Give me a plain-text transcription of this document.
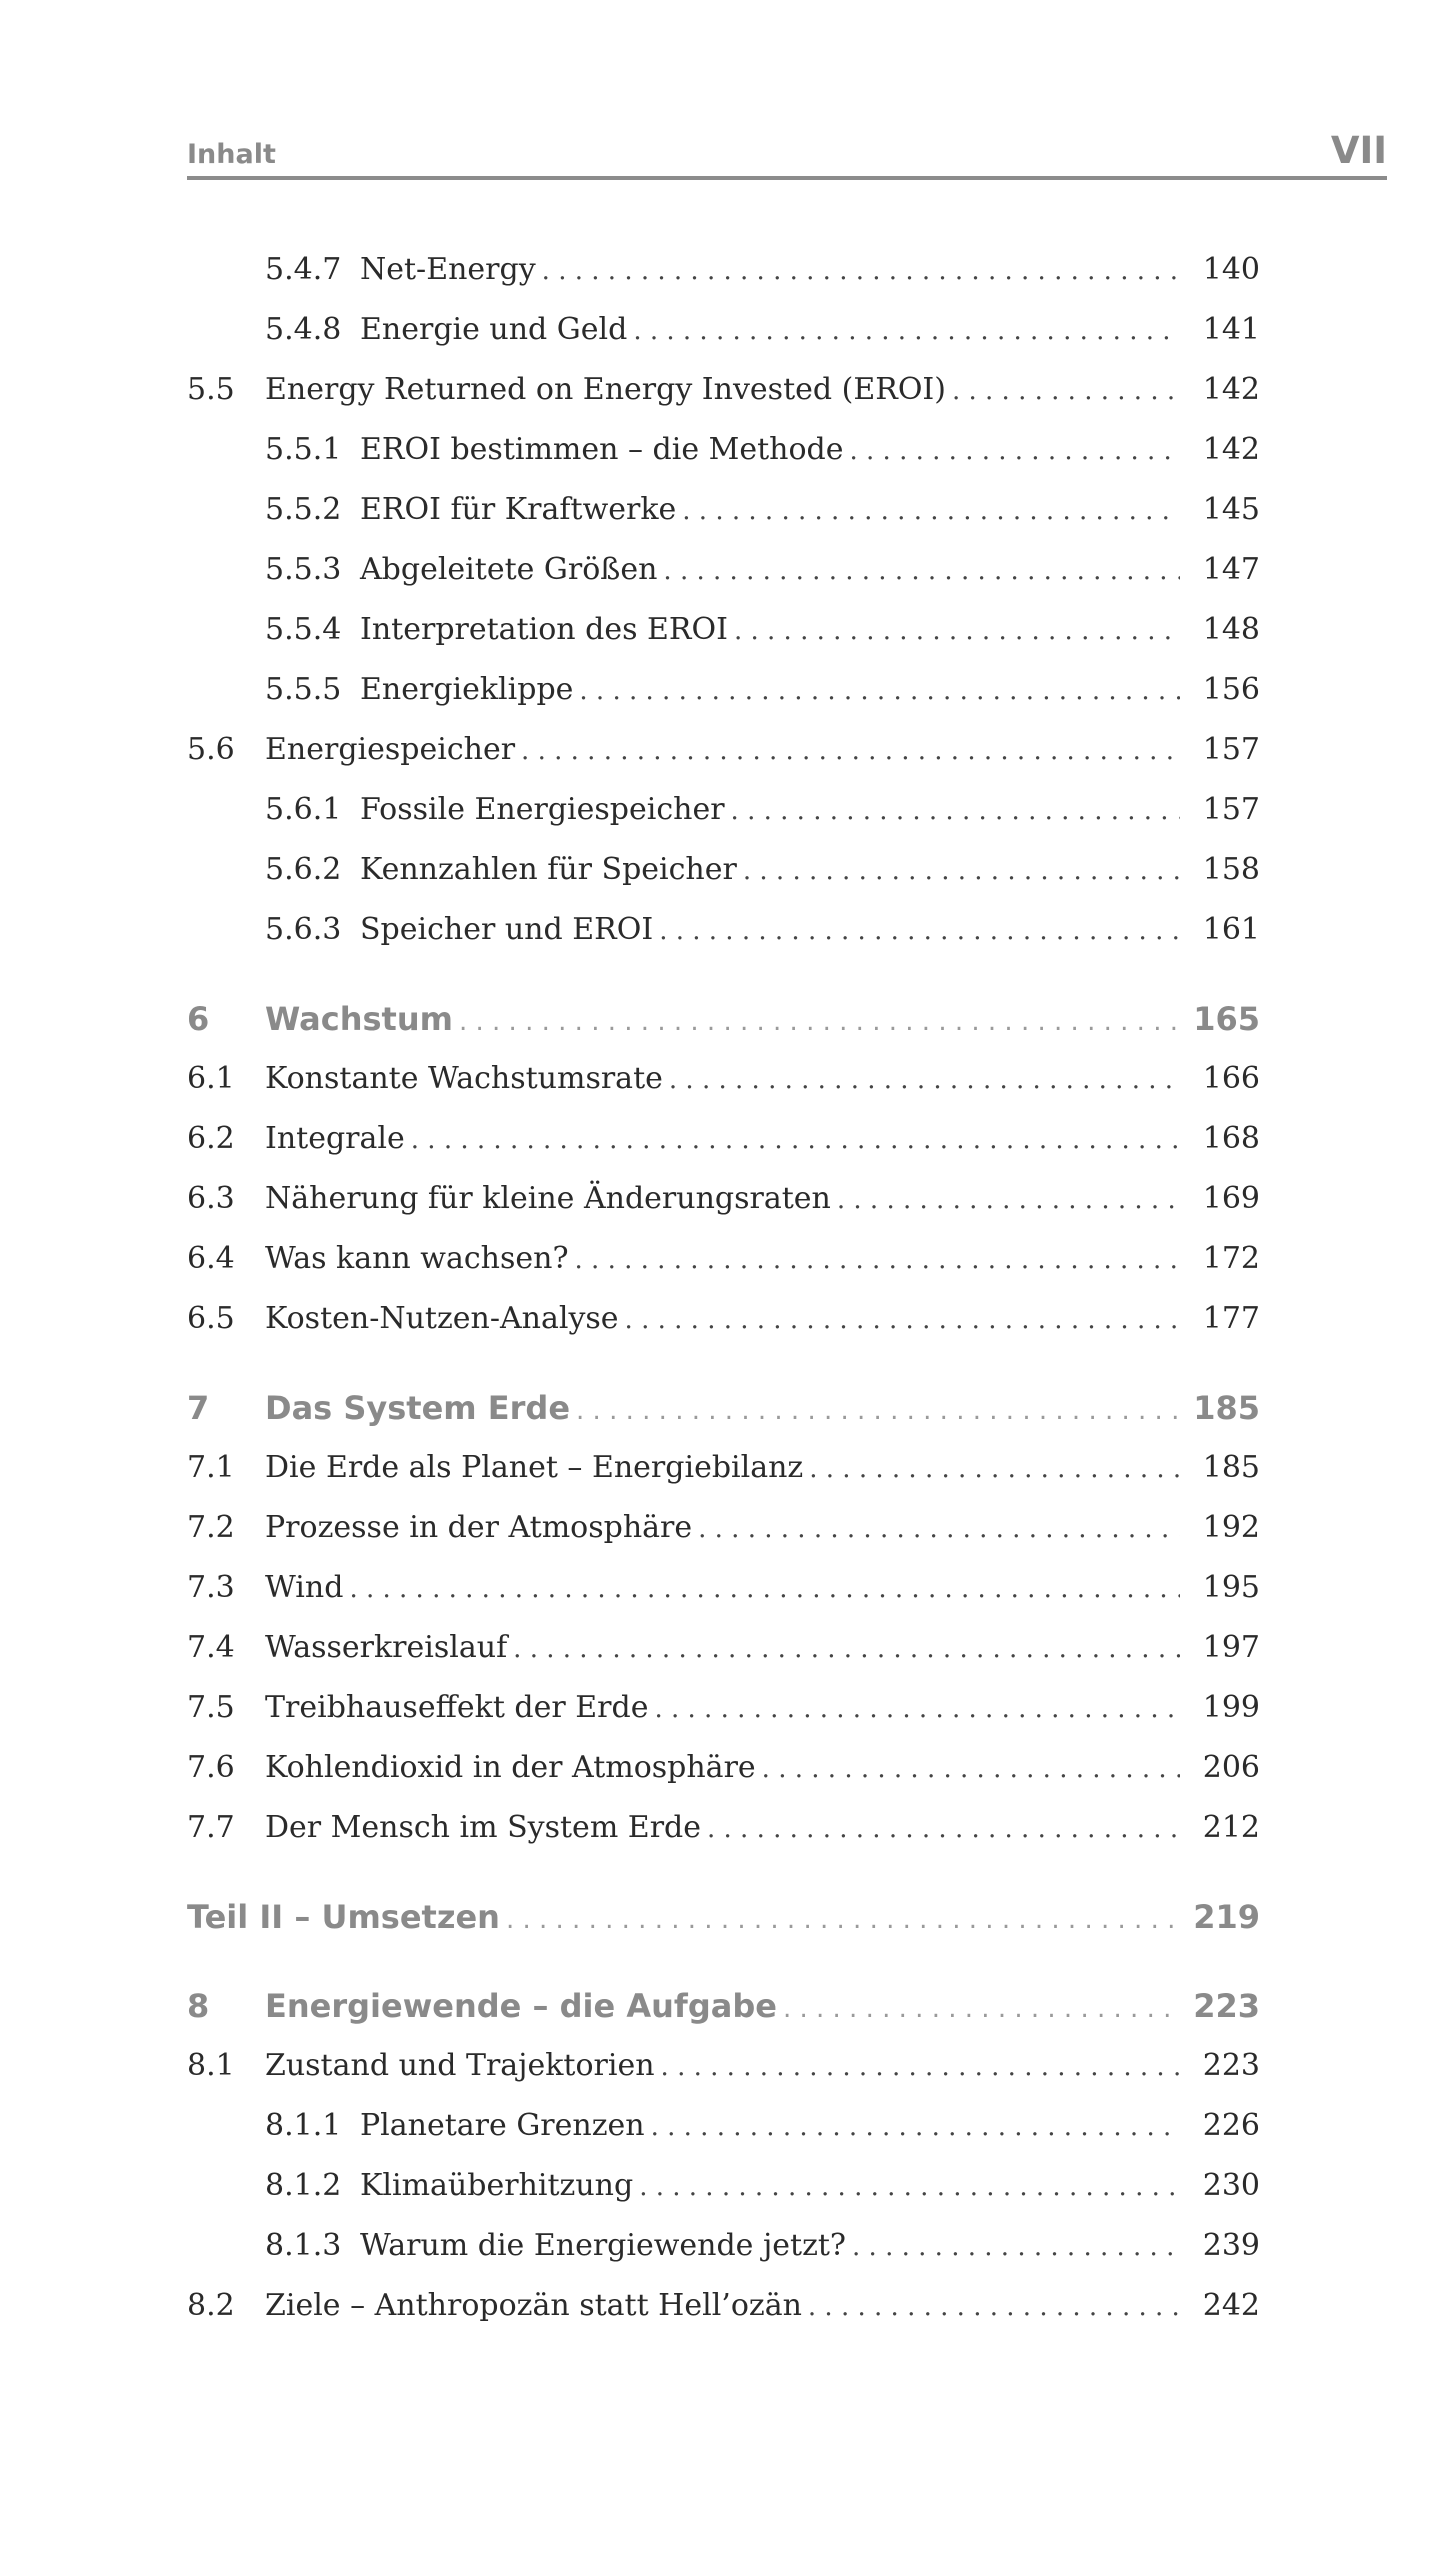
Inhalt	VII
5.4.7 Net-Energy . . .	140
5.4.8 Energie und Geld . . .	141
5.5 Energy Returned on Energy Invested (EROI) . . .	142
5.5.1 EROI bestimmen – die Methode . . .	142
5.5.2 EROI für Kraftwerke . . .	145
5.5.3 Abgeleitete Größen . . .	147
5.5.4 Interpretation des EROI . . .	148
5.5.5 Energieklippe . . .	156
5.6 Energiespeicher . . .	157
5.6.1 Fossile Energiespeicher . . .	157
5.6.2 Kennzahlen für Speicher . . .	158
5.6.3 Speicher und EROI . . .	161
6 Wachstum . . .	165
6.1 Konstante Wachstumsrate . . .	166
6.2 Integrale . . .	168
6.3 Näherung für kleine Änderungsraten . . .	169
6.4 Was kann wachsen? . . .	172
6.5 Kosten-Nutzen-Analyse . . .	177
7 Das System Erde . . .	185
7.1 Die Erde als Planet – Energiebilanz . . .	185
7.2 Prozesse in der Atmosphäre . . .	192
7.3 Wind . . .	195
7.4 Wasserkreislauf . . .	197
7.5 Treibhauseffekt der Erde . . .	199
7.6 Kohlendioxid in der Atmosphäre . . .	206
7.7 Der Mensch im System Erde . . .	212
Teil II – Umsetzen . . .	219
8 Energiewende – die Aufgabe . . .	223
8.1 Zustand und Trajektorien . . .	223
8.1.1 Planetare Grenzen . . .	226
8.1.2 Klimaüberhitzung . . .	230
8.1.3 Warum die Energiewende jetzt? . . .	239
8.2 Ziele – Anthropozän statt Hell’ozän . . .	242
